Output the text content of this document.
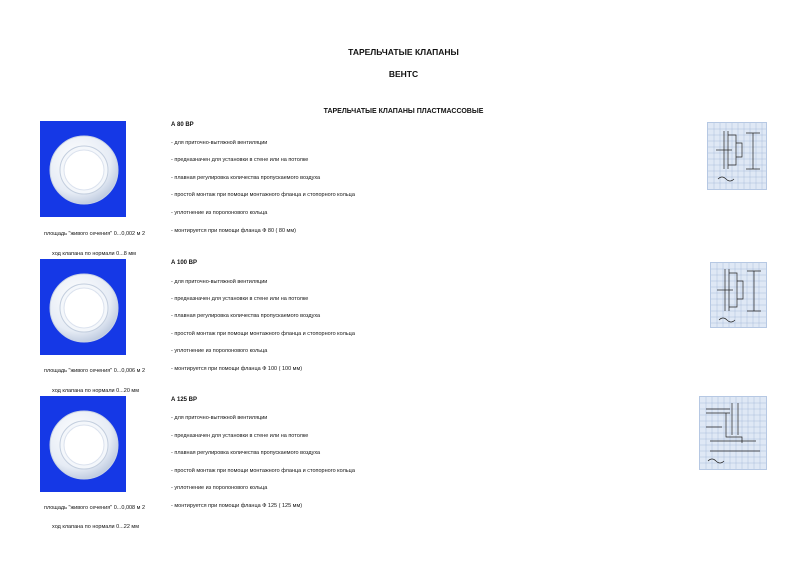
ТАРЕЛЬЧАТЫЕ КЛАПАНЫ
ВЕНТС
ТАРЕЛЬЧАТЫЕ КЛАПАНЫ ПЛАСТМАССОВЫЕ
А 80 ВР
- для приточно-вытяжной вентиляции
- предназначен для установки в стене или на потолке
- плавная регулировка количества пропускаемого воздуха
- простой монтаж при помощи монтажного фланца и стопорного кольца
- уплотнение из поролонового кольца
- монтируется при помощи фланца Ф 80 ( 80 мм)
площадь "живого сечения" 0...0,002 м 2
ход клапана по нормали 0...8 мм
А 100 ВР
- для приточно-вытяжной вентиляции
- предназначен для установки в стене или на потолке
- плавная регулировка количества пропускаемого воздуха
- простой монтаж при помощи монтажного фланца и стопорного кольца
- уплотнение из поролонового кольца
- монтируется при помощи фланца Ф 100 ( 100 мм)
площадь "живого сечения" 0...0,006 м 2
ход клапана по нормали 0...20 мм
А 125 ВР
- для приточно-вытяжной вентиляции
- предназначен для установки в стене или на потолке
- плавная регулировка количества пропускаемого воздуха
- простой монтаж при помощи монтажного фланца и стопорного кольца
- уплотнение из поролонового кольца
- монтируется при помощи фланца Ф 125 ( 125 мм)
площадь "живого сечения" 0...0,008 м 2
ход клапана по нормали 0...22 мм
